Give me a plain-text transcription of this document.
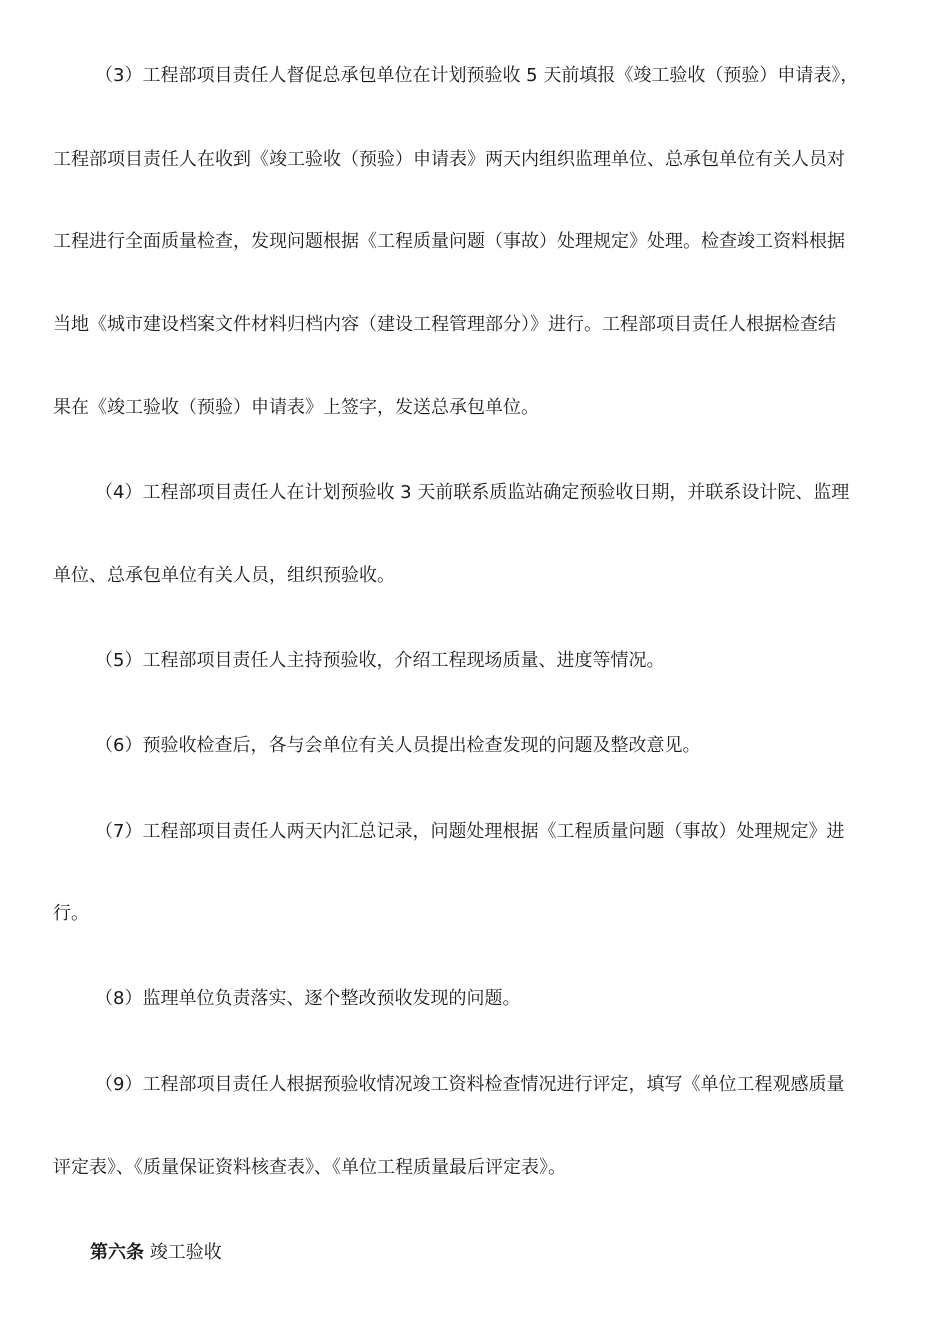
（3）工程部项目责任人督促总承包单位在计划预验收 5 天前填报《竣工验收（预验）申请表》，
工程部项目责任人在收到《竣工验收（预验）申请表》两天内组织监理单位、总承包单位有关人员对
工程进行全面质量检查，发现问题根据《工程质量问题（事故）处理规定》处理。检查竣工资料根据
当地《城市建设档案文件材料归档内容（建设工程管理部分）》进行。工程部项目责任人根据检查结
果在《竣工验收（预验）申请表》上签字，发送总承包单位。
（4）工程部项目责任人在计划预验收 3 天前联系质监站确定预验收日期，并联系设计院、监理
单位、总承包单位有关人员，组织预验收。
（5）工程部项目责任人主持预验收，介绍工程现场质量、进度等情况。
（6）预验收检查后，各与会单位有关人员提出检查发现的问题及整改意见。
（7）工程部项目责任人两天内汇总记录，问题处理根据《工程质量问题（事故）处理规定》进
行。
（8）监理单位负责落实、逐个整改预收发现的问题。
（9）工程部项目责任人根据预验收情况竣工资料检查情况进行评定，填写《单位工程观感质量
评定表》、《质量保证资料核查表》、《单位工程质量最后评定表》。
第六条 竣工验收
